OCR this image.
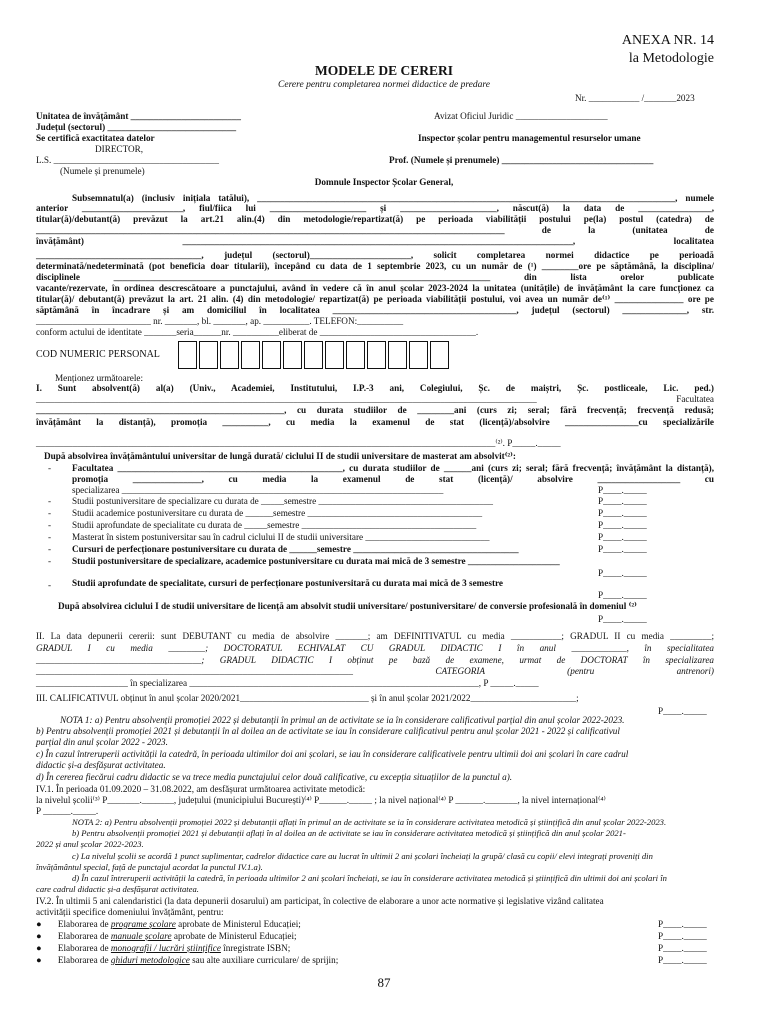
ANEXA NR. 14
la Metodologie
MODELE DE CERERI
Cerere pentru completarea normei didactice de predare
Nr. ___________ /_______2023
Unitatea de învățământ ________________________
Județul (sectorul) ____________________________
Se certifică exactitatea datelor
DIRECTOR,
L.S. ____________________________________
(Numele și prenumele)
Avizat Oficiul Juridic ____________________
Inspector școlar pentru managementul resurselor umane
Prof. (Numele și prenumele) _________________________________
Domnule Inspector Școlar General,
Subsemnatul(a) (inclusiv inițiala tatălui), ___________________________________________________________________________________________, numele
anterior ______________________, fiul/fiica lui _____________________ și _____________________, născut(ă) la data de ________________,
titular(ă)/debutant(ă) prevăzut la art.21 alin.(4) din metodologie/repartizat(ă) pe perioada viabilității postului pe(la) postul (catedra) de
______________________________________________________________________________________________________ de la (unitatea de
învățământ) _____________________________________________________________________________________, localitatea
____________________________________, județul (sectorul)______________________, solicit completarea normei didactice pe perioadă
determinată/nedeterminată (pot beneficia doar titularii), începând cu data de 1 septembrie 2023, cu un număr de (¹) ________ore pe săptămână, la disciplina/
disciplinele __________________________________________________________________________________ din lista orelor publicate
vacante/rezervate, în ordinea descrescătoare a punctajului, având în vedere că în anul școlar 2023-2024 la unitatea (unitățile) de învățământ la care funcționez ca
titular(ă)/ debutant(ă) prevăzut la art. 21 alin. (4) din metodologie/ repartizat(ă) pe perioada viabilității postului, voi avea un număr de⁽¹⁾ _______________ ore pe
săptămână în încadrare și am domiciliul în localitatea ________________________________________, județul (sectorul) ______________, str.
_________________________ nr. _______, bl. _______, ap. __________. TELEFON:__________
conform actului de identitate _______seria______nr. __________eliberat de __________________________________.
COD NUMERIC PERSONAL
Menționez următoarele:
I. Sunt absolvent(ă) al(a) (Univ., Academiei, Institutului, I.P.-3 ani, Colegiului, Șc. de maiștri, Șc. postliceale, Lic. ped.)
_____________________________________________________________________________________________________________ Facultatea
______________________________________________________, cu durata studiilor de ________ani (curs zi; seral; fără frecvență; frecvență redusă;
învățământ la distanță), promoția __________, cu media la examenul de stat (licență)/absolvire ________________cu specializările
____________________________________________________________________________________________________⁽²⁾. P_____._____
După absolvirea învățământului universitar de lungă durată/ ciclului II de studii universitare de masterat am absolvit⁽²⁾:
- Facultatea _________________________________________________, cu durata studiilor de ______ani (curs zi; seral; fără frecvență; învățământ la distanță),
promoția _______________, cu media la examenul de stat (licență)/ absolvire __________________ cu
specializarea ______________________________________________________________________	P____._____
- Studii postuniversitare de specializare cu durata de _____semestre ______________________________________	P____._____
- Studii academice postuniversitare cu durata de ______semestre ______________________________________	P____._____
- Studii aprofundate de specialitate cu durata de _____semestre ______________________________________	P____._____
- Masterat în sistem postuniversitar sau în cadrul ciclului II de studii universitare ___________________________	P____._____
- Cursuri de perfecționare postuniversitare cu durata de ______semestre ____________________________________	P____._____
- Studii postuniversitare de specializare, academice postuniversitare cu durata mai mică de 3 semestre ____________________
P____._____
- Studii aprofundate de specialitate, cursuri de perfecționare postuniversitară cu durata mai mică de 3 semestre
P____._____
După absolvirea ciclului I de studii universitare de licență am absolvit studii universitare/ postuniversitare/ de conversie profesională în domeniul ⁽²⁾
P____._____
II. La data depunerii cererii: sunt DEBUTANT cu media de absolvire _______; am DEFINITIVATUL cu media ___________; GRADUL II cu media _________;
GRADUL I cu media ________; DOCTORATUL ECHIVALAT CU GRADUL DIDACTIC I în anul ____________, în specialitatea
____________________________________; GRADUL DIDACTIC I obținut pe bază de examene, urmat de DOCTORAT în specializarea
_____________________________________________________________________ CATEGORIA (pentru antrenori)
____________________ în specializarea _______________________________________________________________, P _____._____
III. CALIFICATIVUL obținut în anul școlar 2020/2021____________________________ și în anul școlar 2021/2022_______________________;
P____._____
NOTA 1: a) Pentru absolvenții promoției 2022 și debutanții în primul an de activitate se ia în considerare calificativul parțial din anul școlar 2022-2023.
b) Pentru absolvenții promoției 2021 și debutanții în al doilea an de activitate se iau în considerare calificativul pentru anul școlar 2021 - 2022 și calificativul
parțial din anul școlar 2022 - 2023.
c) În cazul întreruperii activității la catedră, în perioada ultimilor doi ani școlari, se iau în considerare calificativele pentru ultimii doi ani școlari în care cadrul
didactic și-a desfășurat activitatea.
d) În cererea fiecărui cadru didactic se va trece media punctajului celor două calificative, cu excepția situațiilor de la punctul a).
IV.1. În perioada 01.09.2020 – 31.08.2022, am desfășurat următoarea activitate metodică:
la nivelul școlii⁽³⁾ P_______._______, județului (municipiului București)⁽⁴⁾ P______._____ ; la nivel național⁽⁴⁾ P ______._______, la nivel internațional⁽⁴⁾
P ______._____.
NOTA 2: a) Pentru absolvenții promoției 2022 și debutanții aflați în primul an de activitate se ia în considerare activitatea metodică și științifică din anul școlar 2022-2023.
b) Pentru absolvenții promoției 2021 și debutanții aflați în al doilea an de activitate se iau în considerare activitatea metodică și științifică din anul școlar 2021-
2022 și anul școlar 2022-2023.
c) La nivelul școlii se acordă 1 punct suplimentar, cadrelor didactice care au lucrat în ultimii 2 ani școlari încheiați la grupă/ clasă cu copii/ elevi integrați proveniți din
învățământul special, față de punctajul acordat la punctul IV.1.a).
d) În cazul întreruperii activității la catedră, în perioada ultimilor 2 ani școlari încheiați, se iau în considerare activitatea metodică și științifică din ultimii doi ani școlari în
care cadrul didactic și-a desfășurat activitatea.
IV.2. În ultimii 5 ani calendaristici (la data depunerii dosarului) am participat, în colective de elaborare a unor acte normative și legislative vizând calitatea
activității specifice domeniului învățământ, pentru:
● Elaborarea de programe școlare aprobate de Ministerul Educației;	P____._____
● Elaborarea de manuale școlare aprobate de Ministerul Educației;	P____._____
● Elaborarea de monografii / lucrări științifice înregistrate ISBN;	P____._____
● Elaborarea de ghiduri metodologice sau alte auxiliare curriculare/ de sprijin;	P____._____
87
